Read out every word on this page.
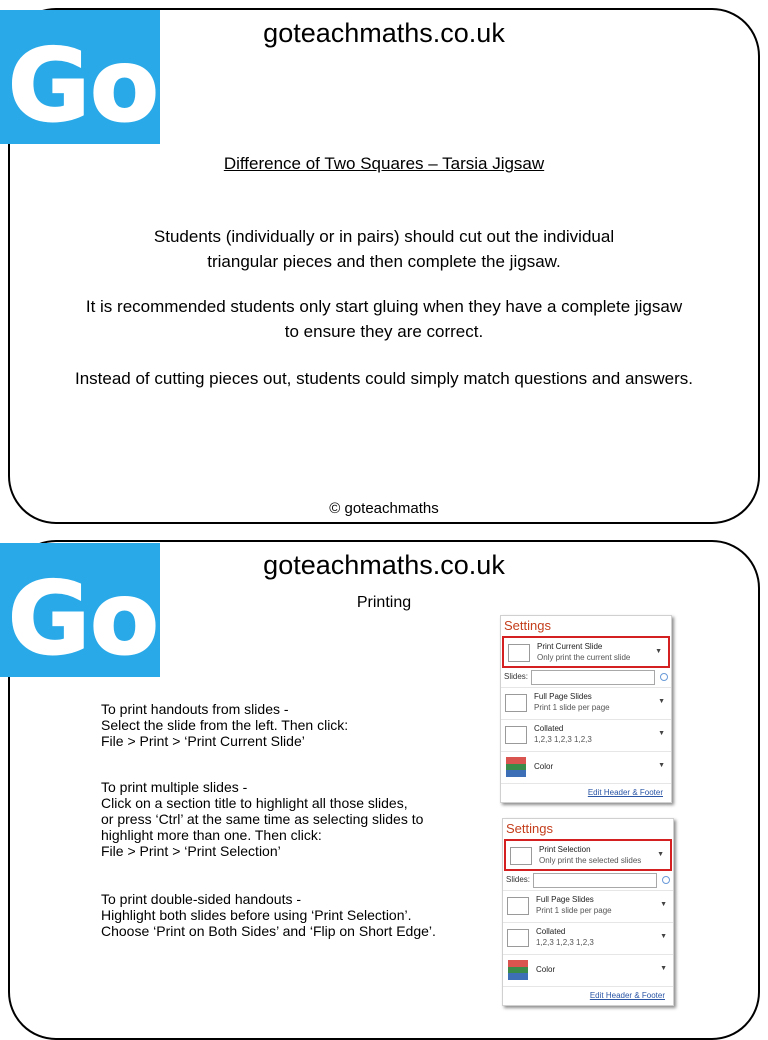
Go!	goteachmaths.co.uk
Difference of Two Squares – Tarsia Jigsaw
Students (individually or in pairs) should cut out the individual
triangular pieces and then complete the jigsaw.
It is recommended students only start gluing when they have a complete jigsaw
to ensure they are correct.
Instead of cutting pieces out, students could simply match questions and answers.
© goteachmaths
Go!	goteachmaths.co.uk
Printing
To print handouts from slides -
Select the slide from the left. Then click:
File > Print > ‘Print Current Slide’
To print multiple slides -
Click on a section title to highlight all those slides,
or press ‘Ctrl’ at the same time as selecting slides to
highlight more than one. Then click:
File > Print > ‘Print Selection’
To print double-sided handouts -
Highlight both slides before using ‘Print Selection’.
Choose ‘Print on Both Sides’ and ‘Flip on Short Edge’.
Settings
Print Current Slide
Only print the current slide
▼
Slides:
Full Page Slides
Print 1 slide per page
▼
Collated
1,2,3 1,2,3 1,2,3
▼
Color	▼
Edit Header & Footer
Settings
Print Selection
Only print the selected slides
▼
Slides:
Full Page Slides
Print 1 slide per page
▼
Collated
1,2,3 1,2,3 1,2,3
▼
Color	▼
Edit Header & Footer
